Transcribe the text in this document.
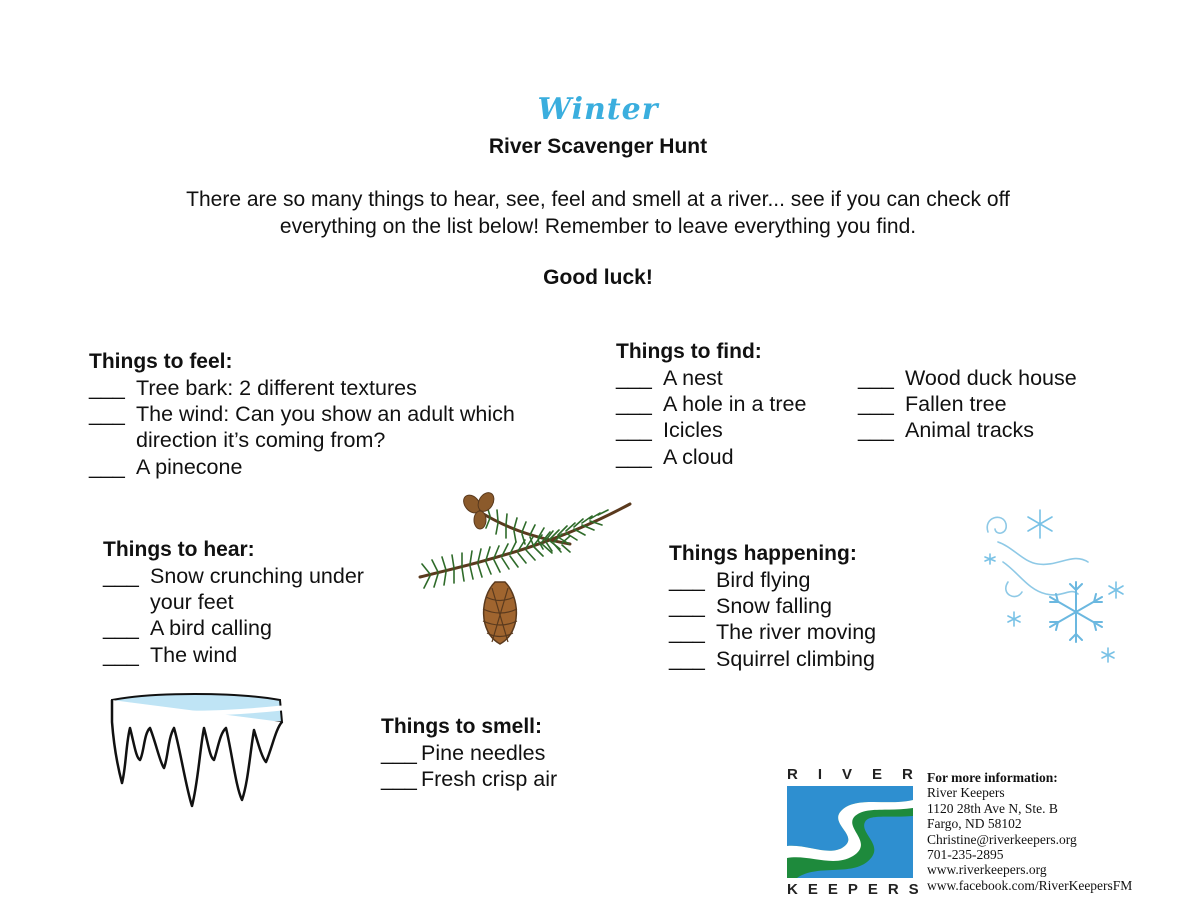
Winter
River Scavenger Hunt
There are so many things to hear, see, feel and smell at a river... see if you can check off
everything on the list below! Remember to leave everything you find.
Good luck!
Things to feel:
___ Tree bark: 2 different textures
___ The wind: Can you show an adult which direction it’s coming from?
___ A pinecone
Things to find:
___ A nest
___ A hole in a tree
___ Icicles
___ A cloud
___ Wood duck house
___ Fallen tree
___ Animal tracks
Things to hear:
___ Snow crunching under your feet
___ A bird calling
___ The wind
Things happening:
___ Bird flying
___ Snow falling
___ The river moving
___ Squirrel climbing
Things to smell:
___ Pine needles
___ Fresh crisp air	RIVER
KEEPERS
For more information:
River Keepers
1120 28th Ave N, Ste. B
Fargo, ND 58102
Christine@riverkeepers.org
701-235-2895
www.riverkeepers.org
www.facebook.com/RiverKeepersFM
